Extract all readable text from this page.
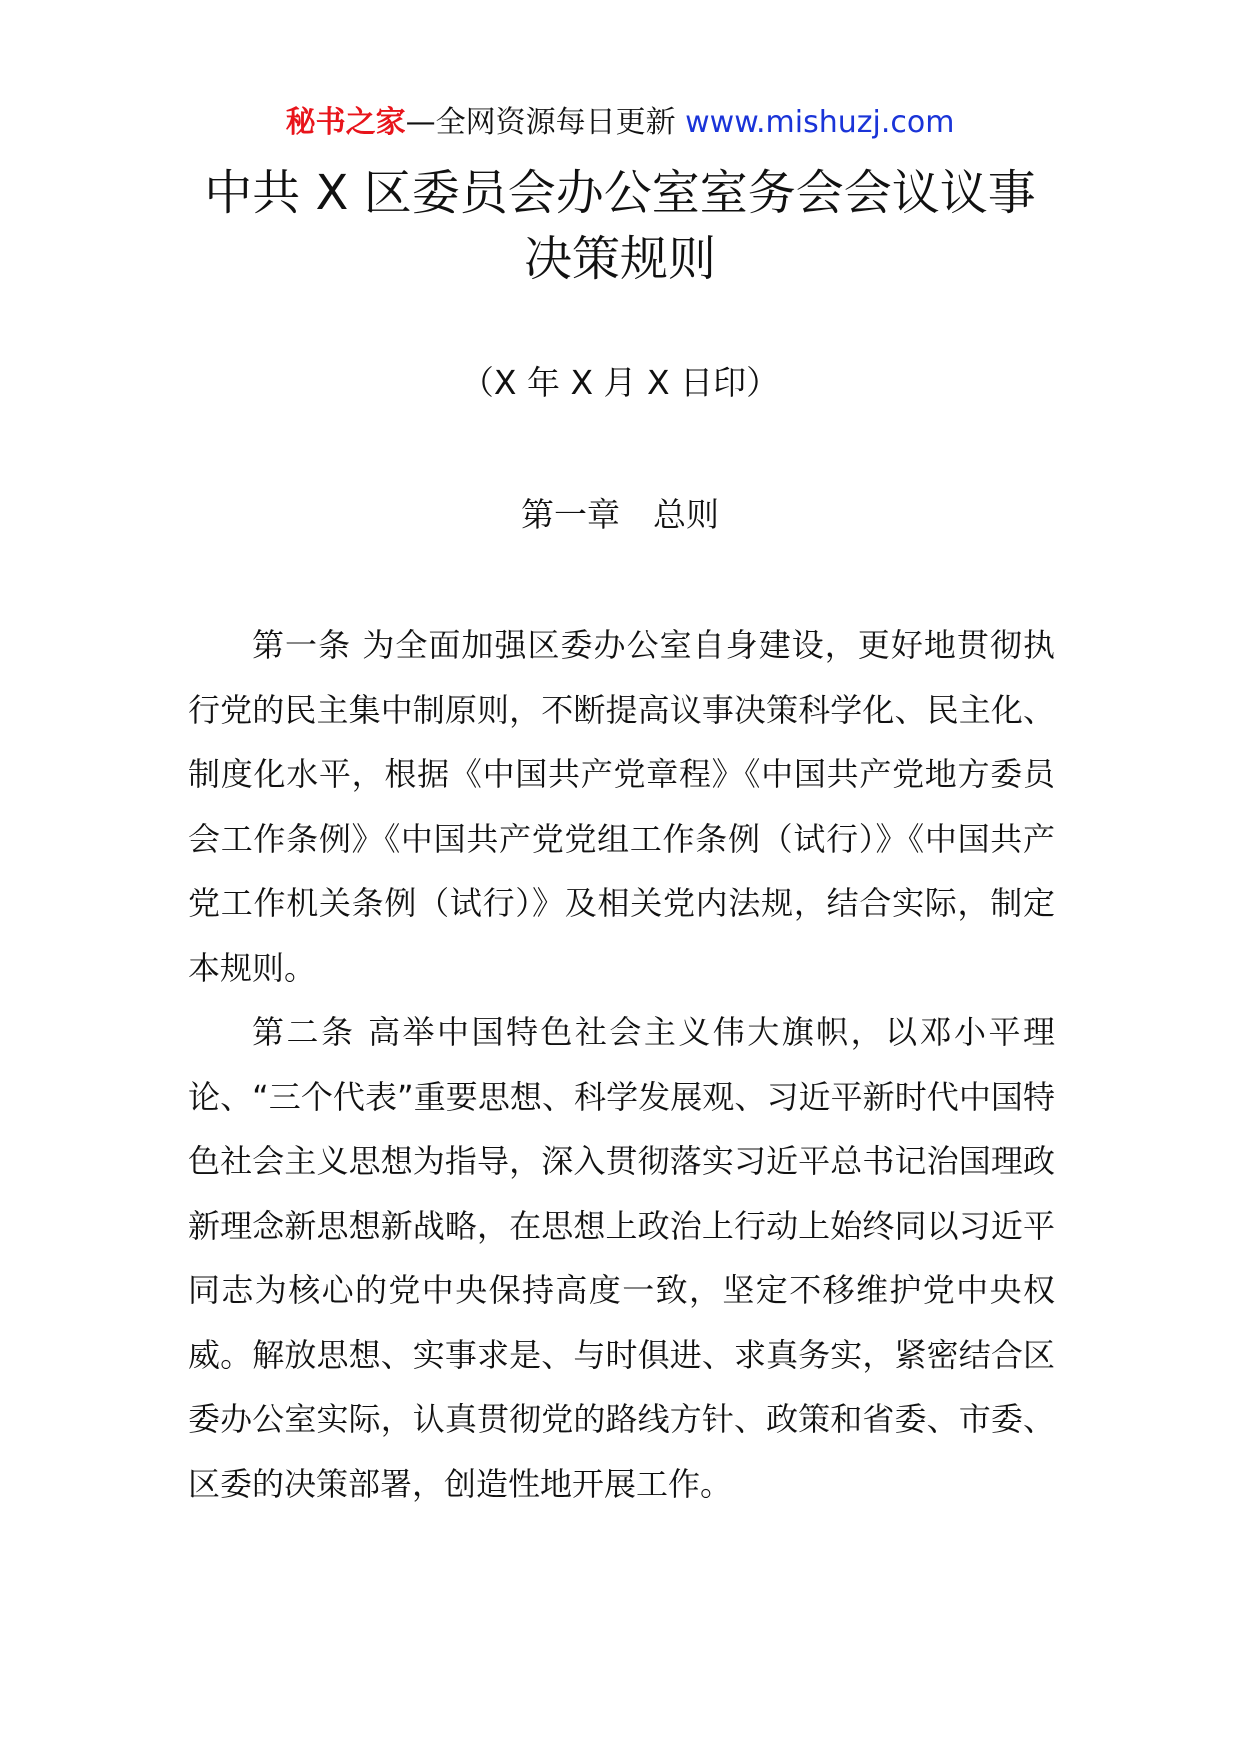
秘书之家—全网资源每日更新 www.mishuzj.com
中共 X 区委员会办公室室务会会议议事
决策规则
（X 年 X 月 X 日印）
第一章　总则

第一条 为全面加强区委办公室自身建设，更好地贯彻执行党的民主集中制原则，不断提高议事决策科学化、民主化、制度化水平，根据《中国共产党章程》《中国共产党地方委员会工作条例》《中国共产党党组工作条例（试行）》《中国共产党工作机关条例（试行）》及相关党内法规，结合实际，制定本规则。

第二条 高举中国特色社会主义伟大旗帜，以邓小平理论、“三个代表”重要思想、科学发展观、习近平新时代中国特色社会主义思想为指导，深入贯彻落实习近平总书记治国理政新理念新思想新战略，在思想上政治上行动上始终同以习近平同志为核心的党中央保持高度一致，坚定不移维护党中央权威。解放思想、实事求是、与时俱进、求真务实，紧密结合区委办公室实际，认真贯彻党的路线方针、政策和省委、市委、区委的决策部署，创造性地开展工作。
